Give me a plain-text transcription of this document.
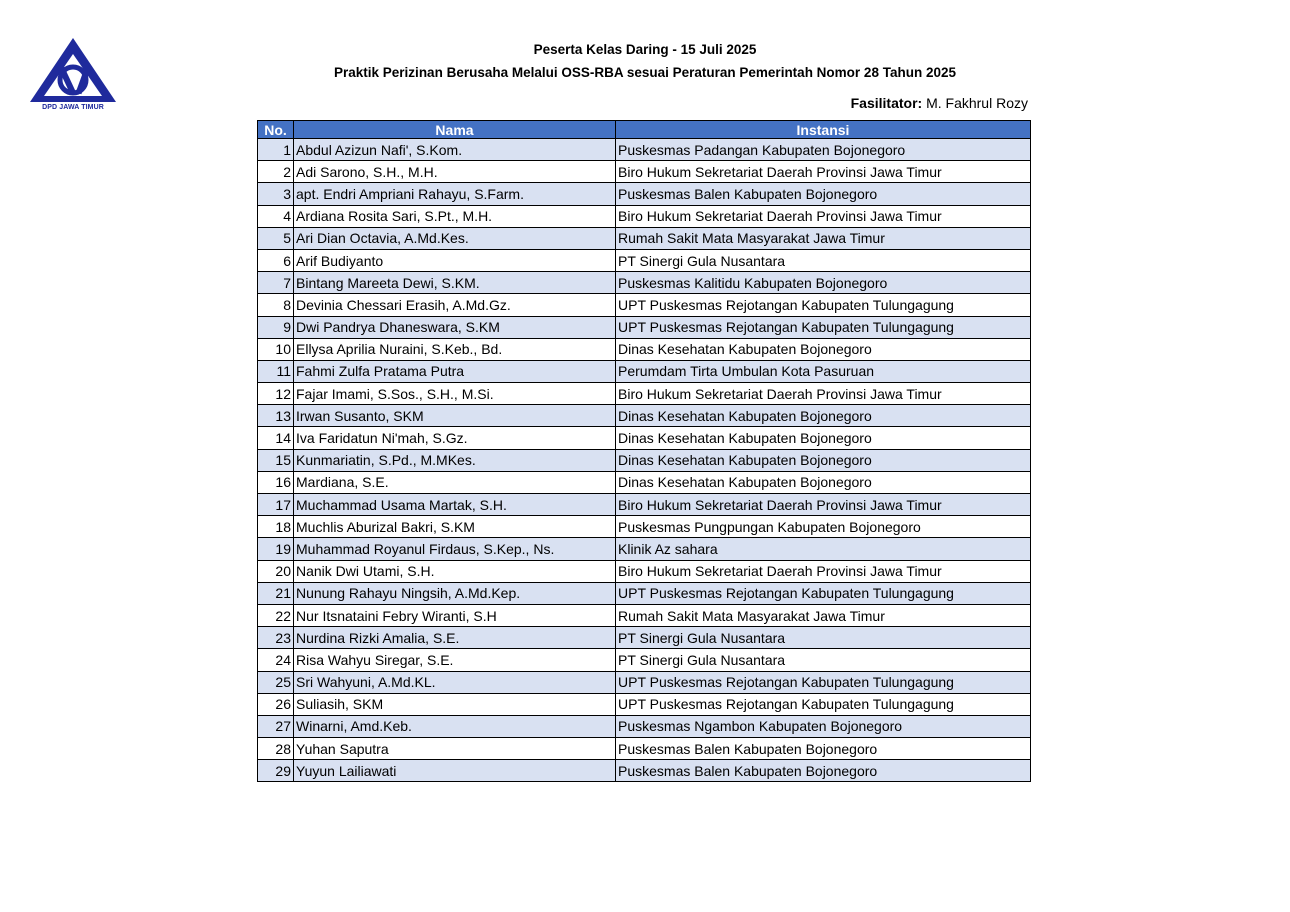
DPD JAWA TIMUR
Peserta Kelas Daring - 15 Juli 2025
Praktik Perizinan Berusaha Melalui OSS-RBA sesuai Peraturan Pemerintah Nomor 28 Tahun 2025
Fasilitator: M. Fakhrul Rozy
No.	Nama	Instansi
1	Abdul Azizun Nafi', S.Kom.	Puskesmas Padangan Kabupaten Bojonegoro
2	Adi Sarono, S.H., M.H.	Biro Hukum Sekretariat Daerah Provinsi Jawa Timur
3	apt. Endri Ampriani Rahayu, S.Farm.	Puskesmas Balen Kabupaten Bojonegoro
4	Ardiana Rosita Sari, S.Pt., M.H.	Biro Hukum Sekretariat Daerah Provinsi Jawa Timur
5	Ari Dian Octavia, A.Md.Kes.	Rumah Sakit Mata Masyarakat Jawa Timur
6	Arif Budiyanto	PT Sinergi Gula Nusantara
7	Bintang Mareeta Dewi, S.KM.	Puskesmas Kalitidu Kabupaten Bojonegoro
8	Devinia Chessari Erasih, A.Md.Gz.	UPT Puskesmas Rejotangan Kabupaten Tulungagung
9	Dwi Pandrya Dhaneswara, S.KM	UPT Puskesmas Rejotangan Kabupaten Tulungagung
10	Ellysa Aprilia Nuraini, S.Keb., Bd.	Dinas Kesehatan Kabupaten Bojonegoro
11	Fahmi Zulfa Pratama Putra	Perumdam Tirta Umbulan Kota Pasuruan
12	Fajar Imami, S.Sos., S.H., M.Si.	Biro Hukum Sekretariat Daerah Provinsi Jawa Timur
13	Irwan Susanto, SKM	Dinas Kesehatan Kabupaten Bojonegoro
14	Iva Faridatun Ni'mah, S.Gz.	Dinas Kesehatan Kabupaten Bojonegoro
15	Kunmariatin, S.Pd., M.MKes.	Dinas Kesehatan Kabupaten Bojonegoro
16	Mardiana, S.E.	Dinas Kesehatan Kabupaten Bojonegoro
17	Muchammad Usama Martak, S.H.	Biro Hukum Sekretariat Daerah Provinsi Jawa Timur
18	Muchlis Aburizal Bakri, S.KM	Puskesmas Pungpungan Kabupaten Bojonegoro
19	Muhammad Royanul Firdaus, S.Kep., Ns.	Klinik Az sahara
20	Nanik Dwi Utami, S.H.	Biro Hukum Sekretariat Daerah Provinsi Jawa Timur
21	Nunung Rahayu Ningsih, A.Md.Kep.	UPT Puskesmas Rejotangan Kabupaten Tulungagung
22	Nur Itsnataini Febry Wiranti, S.H	Rumah Sakit Mata Masyarakat Jawa Timur
23	Nurdina Rizki Amalia, S.E.	PT Sinergi Gula Nusantara
24	Risa Wahyu Siregar, S.E.	PT Sinergi Gula Nusantara
25	Sri Wahyuni, A.Md.KL.	UPT Puskesmas Rejotangan Kabupaten Tulungagung
26	Suliasih, SKM	UPT Puskesmas Rejotangan Kabupaten Tulungagung
27	Winarni, Amd.Keb.	Puskesmas Ngambon Kabupaten Bojonegoro
28	Yuhan Saputra	Puskesmas Balen Kabupaten Bojonegoro
29	Yuyun Lailiawati	Puskesmas Balen Kabupaten Bojonegoro
